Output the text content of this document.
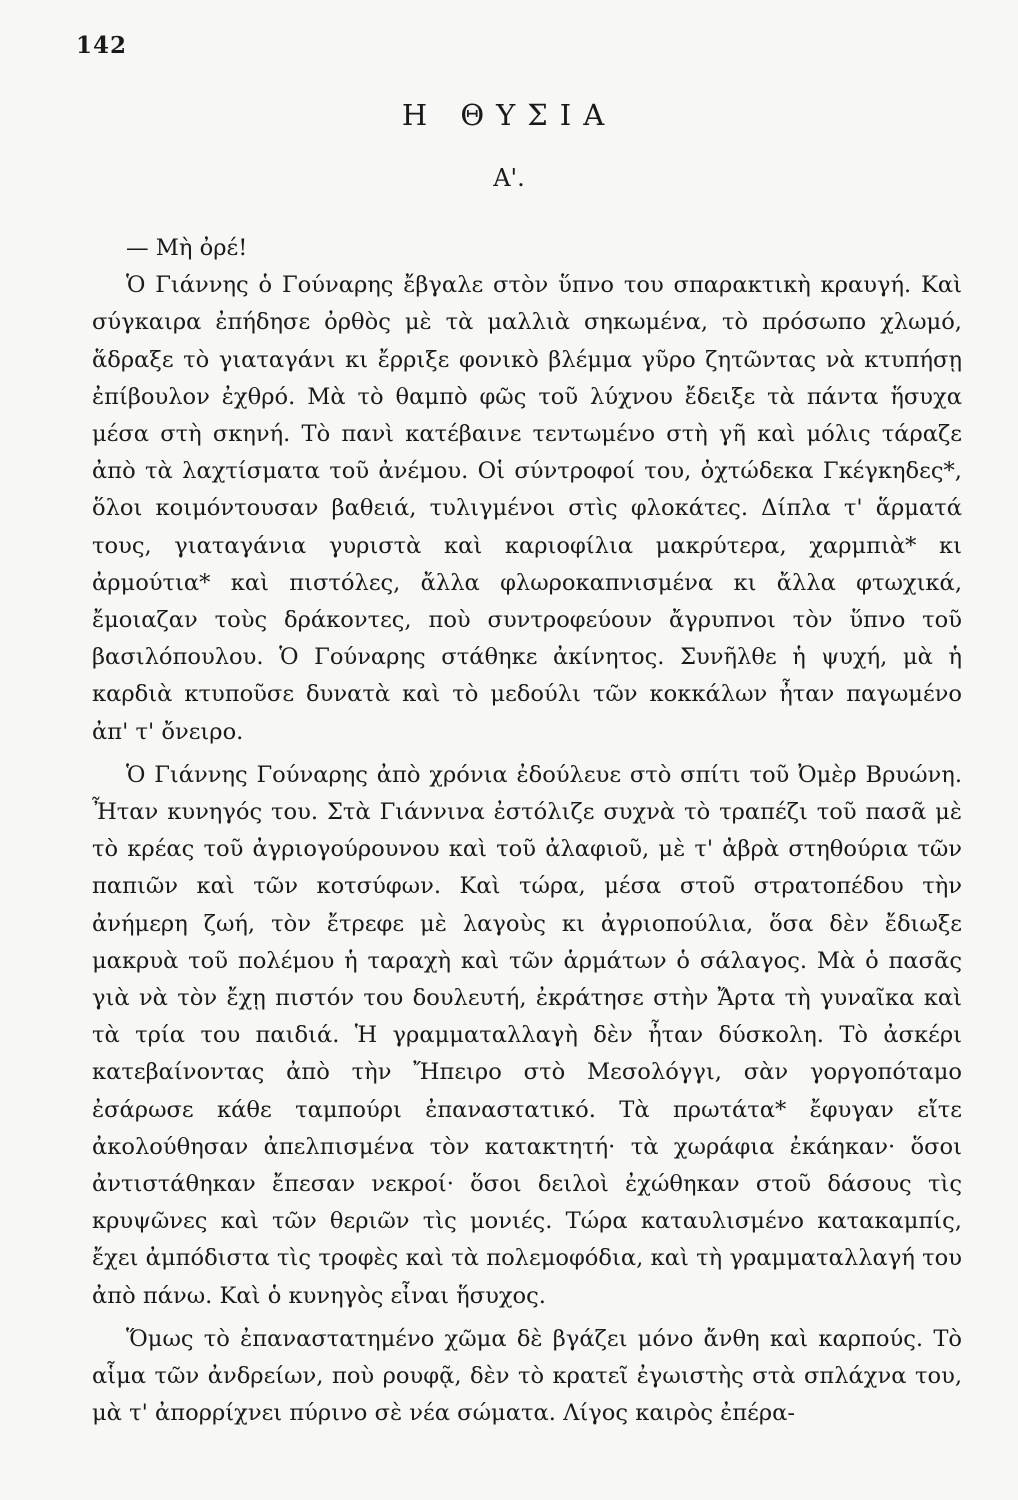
142
Η ΘΥΣΙΑ
Α'.

— Μὴ ὀρέ!

Ὁ Γιάννης ὁ Γούναρης ἔβγαλε στὸν ὕπνο του σπαρακτικὴ κραυγή. Καὶ σύγκαιρα ἐπήδησε ὀρθὸς μὲ τὰ μαλλιὰ σηκωμένα, τὸ πρόσωπο χλωμό, ἅδραξε τὸ γιαταγάνι κι ἔρριξε φονικὸ βλέμμα γῦρο ζητῶντας νὰ κτυπήσῃ ἐπίβουλον ἐχθρό. Μὰ τὸ θαμπὸ φῶς τοῦ λύχνου ἔδειξε τὰ πάντα ἥσυχα μέσα στὴ σκηνή. Τὸ πανὶ κατέβαινε τεντωμένο στὴ γῆ καὶ μόλις τάραζε ἀπὸ τὰ λαχτίσματα τοῦ ἀνέμου. Οἱ σύντροφοί του, ὀχτώδεκα Γκέγκηδες*, ὅλοι κοιμόντουσαν βαθειά, τυλιγμένοι στὶς φλοκάτες. Δίπλα τ' ἅρματά τους, γιαταγάνια γυριστὰ καὶ καριοφίλια μακρύτερα, χαρμπιὰ* κι ἀρμούτια* καὶ πιστόλες, ἄλλα φλωροκαπνισμένα κι ἄλλα φτωχικά, ἔμοιαζαν τοὺς δράκοντες, ποὺ συντροφεύουν ἄγρυπνοι τὸν ὕπνο τοῦ βασιλόπουλου. Ὁ Γούναρης στάθηκε ἀκίνητος. Συνῆλθε ἡ ψυχή, μὰ ἡ καρδιὰ κτυποῦσε δυνατὰ καὶ τὸ μεδούλι τῶν κοκκάλων ἦταν παγωμένο ἀπ' τ' ὄνειρο.

Ὁ Γιάννης Γούναρης ἀπὸ χρόνια ἐδούλευε στὸ σπίτι τοῦ Ὀμὲρ Βρυώνη. Ἦταν κυνηγός του. Στὰ Γιάννινα ἐστόλιζε συχνὰ τὸ τραπέζι τοῦ πασᾶ μὲ τὸ κρέας τοῦ ἀγριογούρουνου καὶ τοῦ ἀλαφιοῦ, μὲ τ' ἀβρὰ στηθούρια τῶν παπιῶν καὶ τῶν κοτσύφων. Καὶ τώρα, μέσα στοῦ στρατοπέδου τὴν ἀνήμερη ζωή, τὸν ἔτρεφε μὲ λαγοὺς κι ἀγριοπούλια, ὅσα δὲν ἔδιωξε μακρυὰ τοῦ πολέμου ἡ ταραχὴ καὶ τῶν ἁρμάτων ὁ σάλαγος. Μὰ ὁ πασᾶς γιὰ νὰ τὸν ἔχῃ πιστόν του δουλευτή, ἐκράτησε στὴν Ἄρτα τὴ γυναῖκα καὶ τὰ τρία του παιδιά. Ἡ γραμματαλλαγὴ δὲν ἦταν δύσκολη. Τὸ ἀσκέρι κατεβαίνοντας ἀπὸ τὴν Ἤπειρο στὸ Μεσολόγγι, σὰν γοργοπόταμο ἐσάρωσε κάθε ταμπούρι ἐπαναστατικό. Τὰ πρωτάτα* ἔφυγαν εἴτε ἀκολούθησαν ἀπελπισμένα τὸν κατακτητή· τὰ χωράφια ἐκάηκαν· ὅσοι ἀντιστάθηκαν ἔπεσαν νεκροί· ὅσοι δειλοὶ ἐχώθηκαν στοῦ δάσους τὶς κρυψῶνες καὶ τῶν θεριῶν τὶς μονιές. Τώρα καταυλισμένο κατακαμπίς, ἔχει ἀμπόδιστα τὶς τροφὲς καὶ τὰ πολεμοφόδια, καὶ τὴ γραμματαλλαγή του ἀπὸ πάνω. Καὶ ὁ κυνηγὸς εἶναι ἥσυχος.

Ὅμως τὸ ἐπαναστατημένο χῶμα δὲ βγάζει μόνο ἄνθη καὶ καρπούς. Τὸ αἷμα τῶν ἀνδρείων, ποὺ ρουφᾷ, δὲν τὸ κρατεῖ ἐγωιστὴς στὰ σπλάχνα του, μὰ τ' ἀπορρίχνει πύρινο σὲ νέα σώματα. Λίγος καιρὸς ἐπέρα-
